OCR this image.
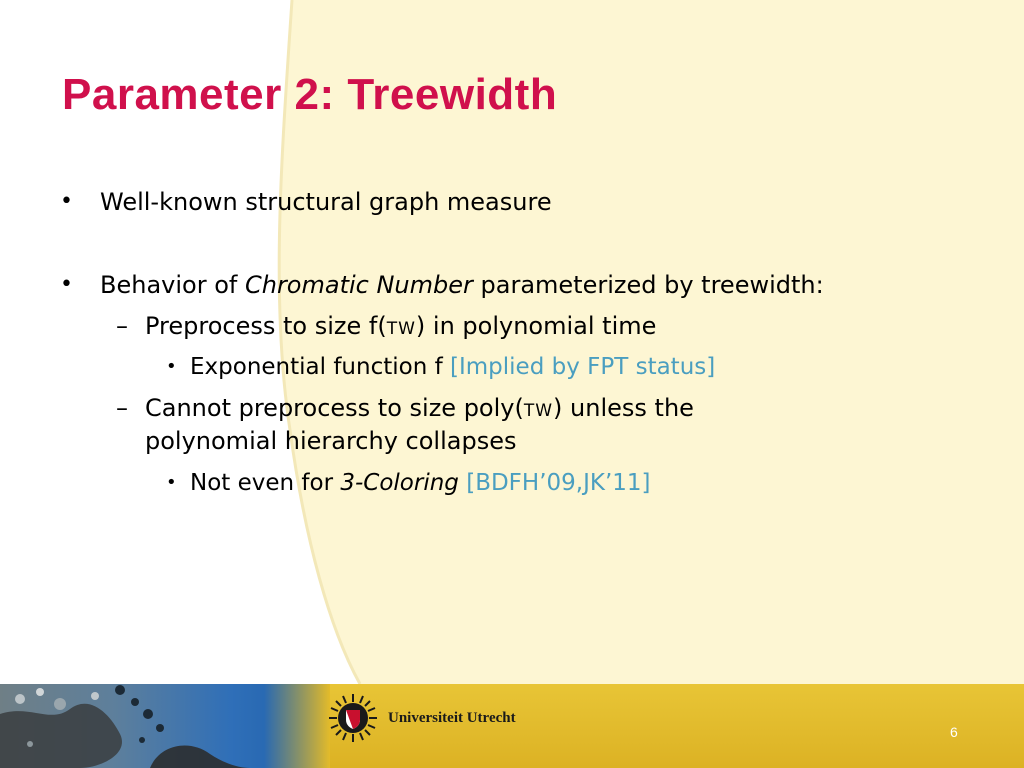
Parameter 2: Treewidth
• Well-known structural graph measure
• Behavior of Chromatic Number parameterized by treewidth:
– Preprocess to size f(TW) in polynomial time
• Exponential function f [Implied by FPT status]
– Cannot preprocess to size poly(TW) unless the
polynomial hierarchy collapses
• Not even for 3-Coloring [BDFH’09,JK’11]
Universiteit Utrecht
6
